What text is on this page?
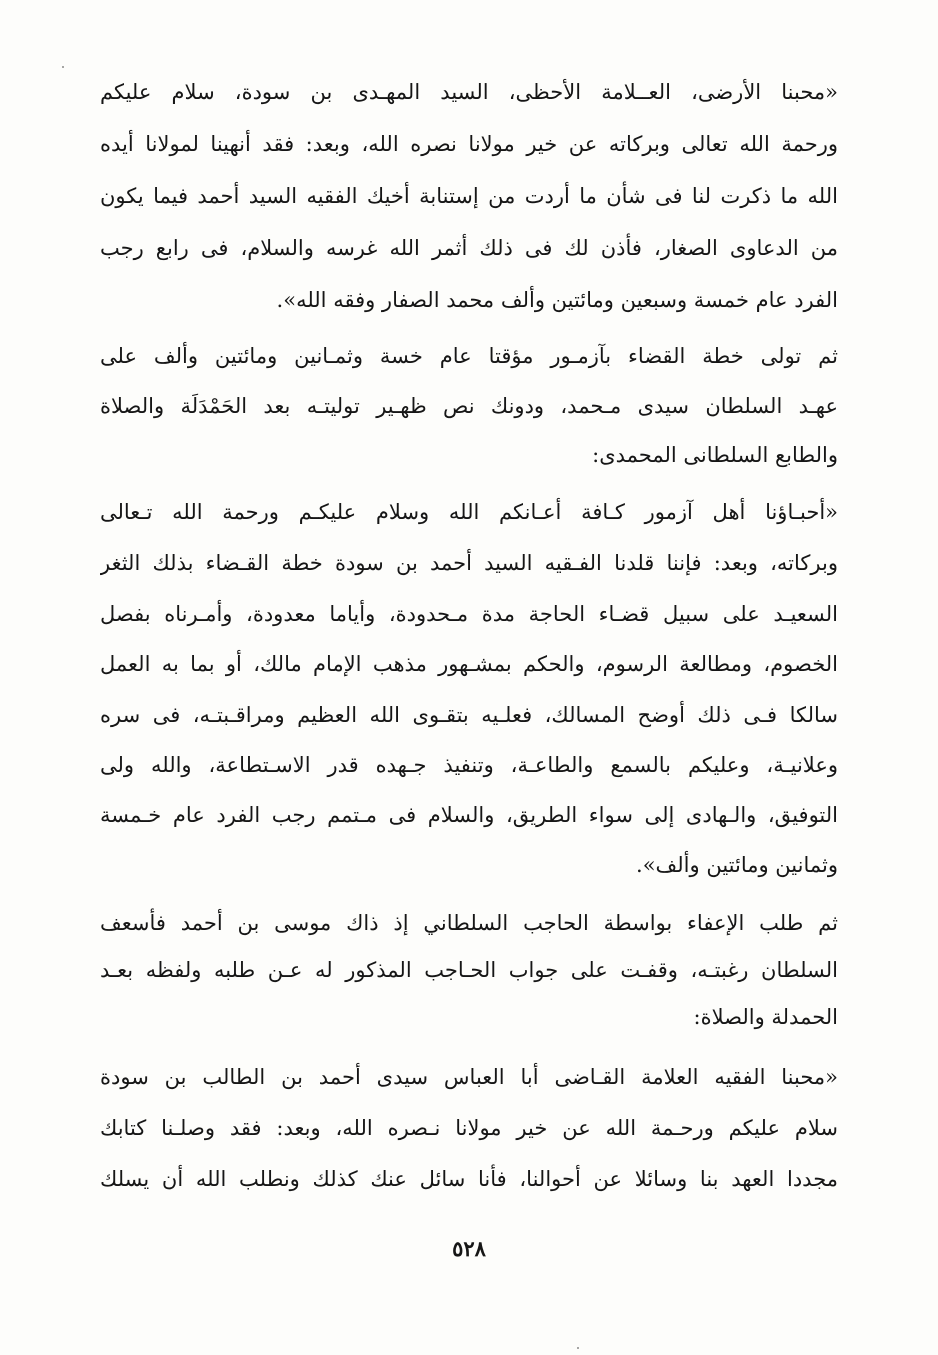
«محبنا الأرضى، العــلامة الأحظى، السيد المهـدى بن سودة، سلام عليكم
ورحمة الله تعالى وبركاته عن خير مولانا نصره الله، وبعد: فقد أنهينا لمولانا أيده
الله ما ذكرت لنا فى شأن ما أردت من إستنابة أخيك الفقيه السيد أحمد فيما يكون
من الدعاوى الصغار، فأذن لك فى ذلك أثمر الله غرسه والسلام، فى رابع رجب
الفرد عام خمسة وسبعين ومائتين وألف محمد الصفار وفقه الله».
ثم تولى خطة القضاء بآزمـور مؤقتا عام خسة وثمـانين ومائتين وألف على
عهـد السلطان سيدى مـحمد، ودونك نص ظهـير توليتـه بعد الحَمْدَلَة والصلاة
والطابع السلطانى المحمدى:
«أحبـاؤنا أهل آزمور كـافة أعـانكم الله وسلام عليكـم ورحمة الله تـعالى
وبركاته، وبعد: فإننا قلدنا الفـقيه السيد أحمد بن سودة خطة القـضاء بذلك الثغر
السعيـد على سبيل قضـاء الحاجة مدة مـحدودة، وأياما معدودة، وأمـرناه بفصل
الخصوم، ومطالعة الرسوم، والحكم بمشـهور مذهب الإمام مالك، أو بما به العمل
سالكا فـى ذلك أوضح المسالك، فعلـيه بتقـوى الله العظيم ومراقـبتـه، فى سره
وعلانيـة، وعليكم بالسمع والطاعـة، وتنفيذ جـهده قدر الاسـتطاعة، والله ولى
التوفيق، والـهادى إلى سواء الطريق، والسلام فى مـتمم رجب الفرد عام خـمسة
وثمانين ومائتين وألف».
ثم طلب الإعفاء بواسطة الحاجب السلطاني إذ ذاك موسى بن أحمد فأسعف
السلطان رغبتـه، وقفـت على جواب الحـاجب المذكور له عـن طلبه ولفظه بعـد
الحمدلة والصلاة:
«محبنا الفقيه العلامة القـاضى أبا العباس سيدى أحمد بن الطالب بن سودة
سلام عليكم ورحـمة الله عن خير مولانا نـصره الله، وبعد: فقد وصلـنا كتابك
مجددا العهد بنا وسائلا عن أحوالنا، فأنا سائل عنك كذلك ونطلب الله أن يسلك
٥٢٨
